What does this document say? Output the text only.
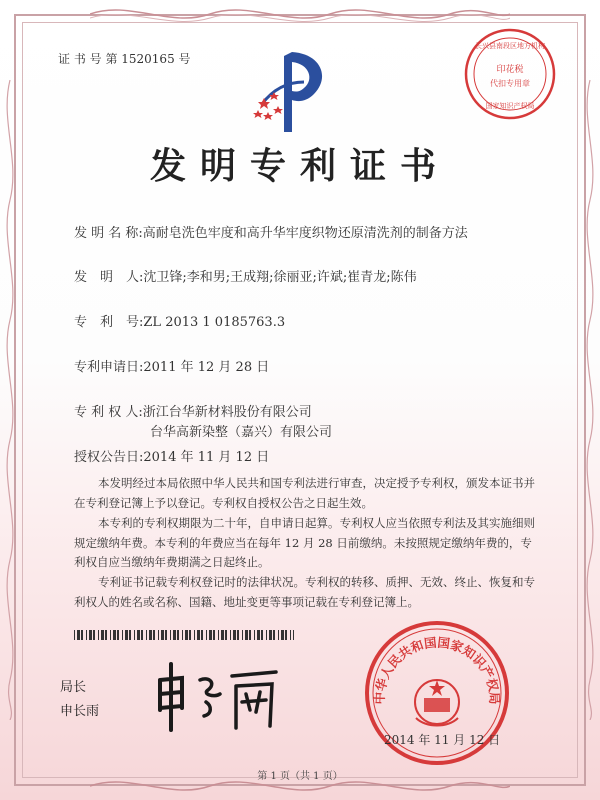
证 书 号 第 1520165 号
长兴县南段区地方机构
印花税
代扣专用章
国家知识产权局
发明专利证书
发 明 名 称:高耐皂洗色牢度和高升华牢度织物还原清洗剂的制备方法
发　明　人:沈卫锋;李和男;王成翔;徐丽亚;许斌;崔青龙;陈伟
专　利　号:ZL 2013 1 0185763.3
专利申请日:2011 年 12 月 28 日
专 利 权 人:浙江台华新材料股份有限公司
台华高新染整（嘉兴）有限公司
授权公告日:2014 年 11 月 12 日
本发明经过本局依照中华人民共和国专利法进行审查，决定授予专利权，颁发本证书并在专利登记簿上予以登记。专利权自授权公告之日起生效。
本专利的专利权期限为二十年，自申请日起算。专利权人应当依照专利法及其实施细则规定缴纳年费。本专利的年费应当在每年 12 月 28 日前缴纳。未按照规定缴纳年费的，专利权自应当缴纳年费期满之日起终止。
专利证书记载专利权登记时的法律状况。专利权的转移、质押、无效、终止、恢复和专利权人的姓名或名称、国籍、地址变更等事项记载在专利登记簿上。
局长
申长雨
中华人民共和国国家知识产权局
2014 年 11 月 12 日
第 1 页（共 1 页）
